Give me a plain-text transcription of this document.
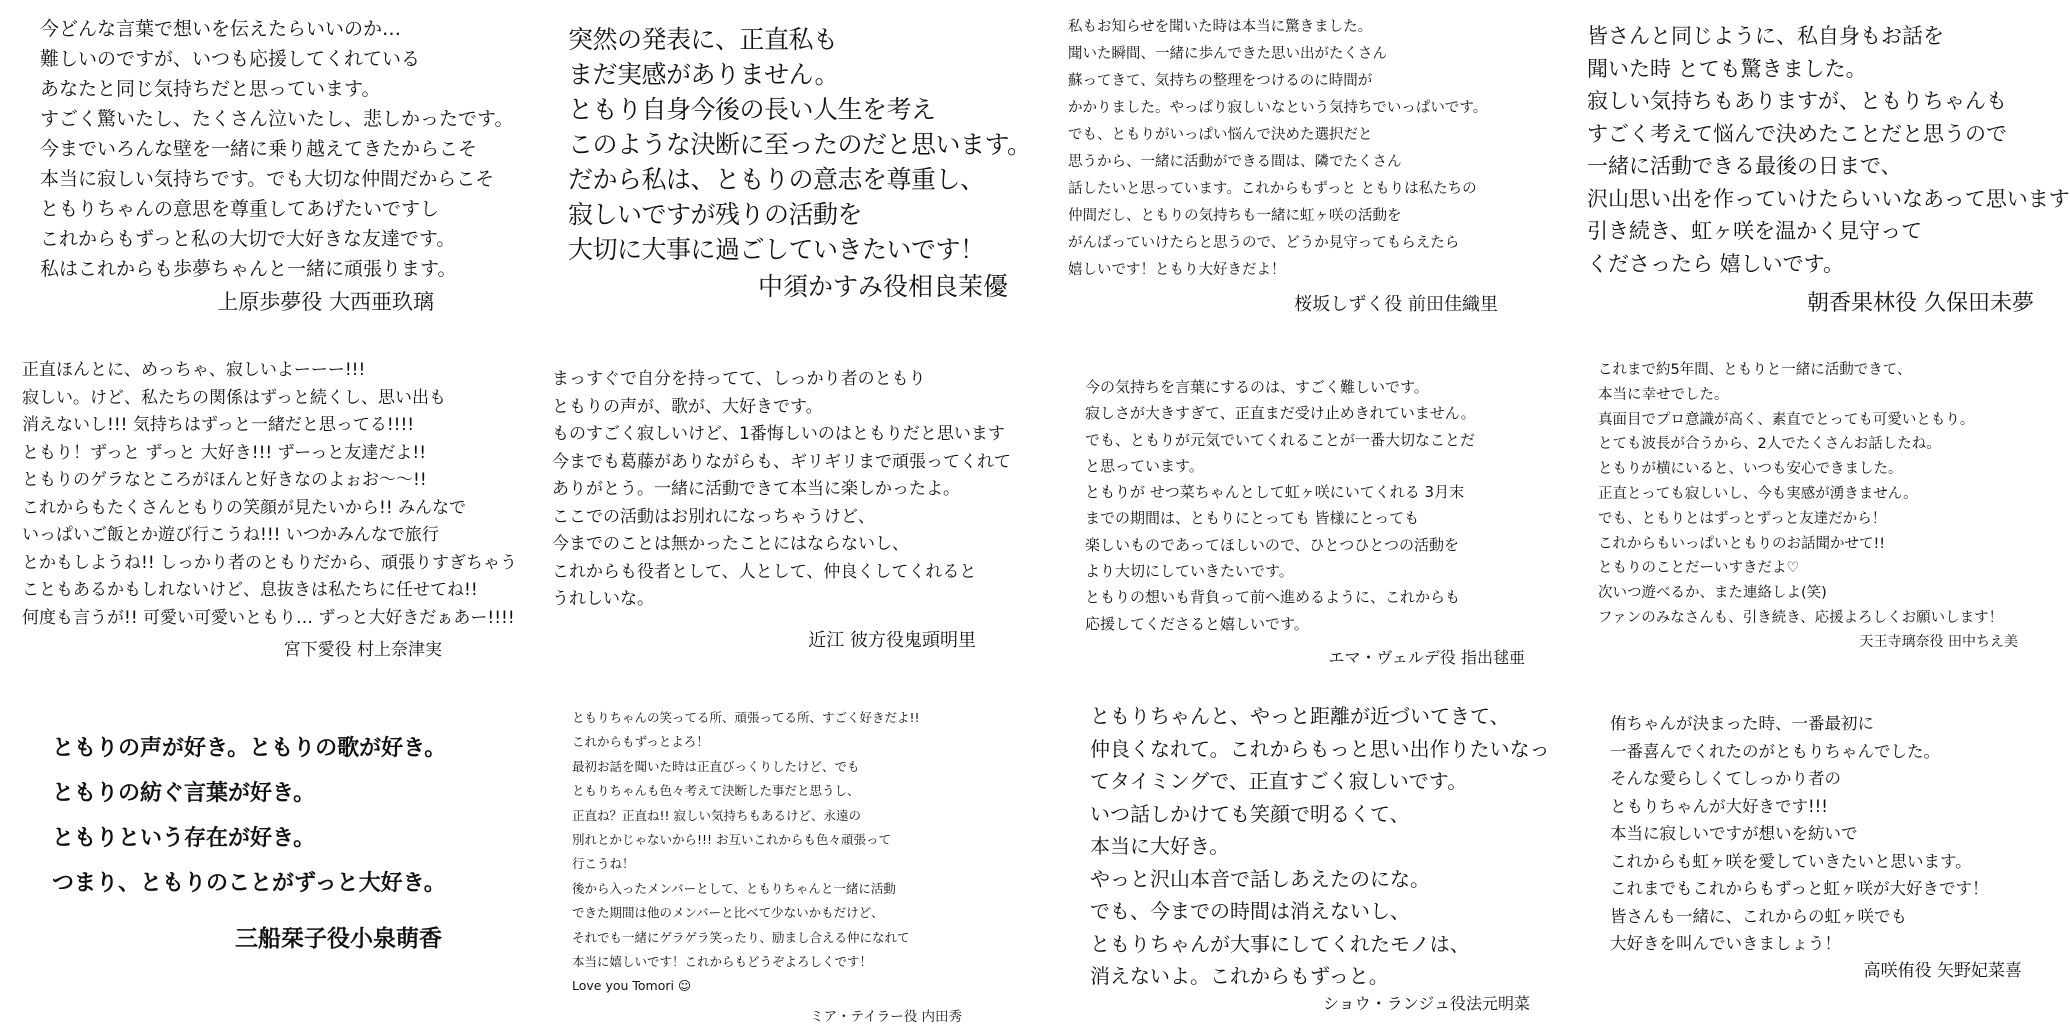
今どんな言葉で想いを伝えたらいいのか…
難しいのですが、いつも応援してくれている
あなたと同じ気持ちだと思っています。
すごく驚いたし、たくさん泣いたし、悲しかったです。
今までいろんな壁を一緒に乗り越えてきたからこそ
本当に寂しい気持ちです。でも大切な仲間だからこそ
ともりちゃんの意思を尊重してあげたいですし
これからもずっと私の大切で大好きな友達です。
私はこれからも歩夢ちゃんと一緒に頑張ります。
上原歩夢役 大西亜玖璃
突然の発表に、正直私も
まだ実感がありません。
ともり自身今後の長い人生を考え
このような決断に至ったのだと思います。
だから私は、ともりの意志を尊重し、
寂しいですが残りの活動を
大切に大事に過ごしていきたいです！
中須かすみ役相良茉優
私もお知らせを聞いた時は本当に驚きました。
聞いた瞬間、一緒に歩んできた思い出がたくさん
蘇ってきて、気持ちの整理をつけるのに時間が
かかりました。やっぱり寂しいなという気持ちでいっぱいです。
でも、ともりがいっぱい悩んで決めた選択だと
思うから、一緒に活動ができる間は、隣でたくさん
話したいと思っています。これからもずっと ともりは私たちの
仲間だし、ともりの気持ちも一緒に虹ヶ咲の活動を
がんばっていけたらと思うので、どうか見守ってもらえたら
嬉しいです！ともり大好きだよ！
桜坂しずく役 前田佳織里
皆さんと同じように、私自身もお話を
聞いた時 とても驚きました。
寂しい気持ちもありますが、ともりちゃんも
すごく考えて悩んで決めたことだと思うので
一緒に活動できる最後の日まで、
沢山思い出を作っていけたらいいなあって思います
引き続き、虹ヶ咲を温かく見守って
くださったら 嬉しいです。
朝香果林役 久保田未夢
正直ほんとに、めっちゃ、寂しいよーーー!!!
寂しい。けど、私たちの関係はずっと続くし、思い出も
消えないし!!! 気持ちはずっと一緒だと思ってる!!!!
ともり！ずっと ずっと 大好き!!! ずーっと友達だよ!!
ともりのゲラなところがほんと好きなのよぉお〜〜!!
これからもたくさんともりの笑顔が見たいから!! みんなで
いっぱいご飯とか遊び行こうね!!! いつかみんなで旅行
とかもしようね!! しっかり者のともりだから、頑張りすぎちゃう
こともあるかもしれないけど、息抜きは私たちに任せてね!!
何度も言うが!! 可愛い可愛いともり… ずっと大好きだぁあー!!!!
宮下愛役 村上奈津実
まっすぐで自分を持ってて、しっかり者のともり
ともりの声が、歌が、大好きです。
ものすごく寂しいけど、1番悔しいのはともりだと思います
今までも葛藤がありながらも、ギリギリまで頑張ってくれて
ありがとう。一緒に活動できて本当に楽しかったよ。
ここでの活動はお別れになっちゃうけど、
今までのことは無かったことにはならないし、
これからも役者として、人として、仲良くしてくれると
うれしいな。
近江 彼方役鬼頭明里
今の気持ちを言葉にするのは、すごく難しいです。
寂しさが大きすぎて、正直まだ受け止めきれていません。
でも、ともりが元気でいてくれることが一番大切なことだ
と思っています。
ともりが せつ菜ちゃんとして虹ヶ咲にいてくれる 3月末
までの期間は、ともりにとっても 皆様にとっても
楽しいものであってほしいので、ひとつひとつの活動を
より大切にしていきたいです。
ともりの想いも背負って前へ進めるように、これからも
応援してくださると嬉しいです。
エマ・ヴェルデ役 指出毬亜
これまで約5年間、ともりと一緒に活動できて、
本当に幸せでした。
真面目でプロ意識が高く、素直でとっても可愛いともり。
とても波長が合うから、2人でたくさんお話したね。
ともりが横にいると、いつも安心できました。
正直とっても寂しいし、今も実感が湧きません。
でも、ともりとはずっとずっと友達だから！
これからもいっぱいともりのお話聞かせて!!
ともりのことだーいすきだよ♡
次いつ遊べるか、また連絡しよ(笑)
ファンのみなさんも、引き続き、応援よろしくお願いします！
天王寺璃奈役 田中ちえ美
ともりの声が好き。ともりの歌が好き。
ともりの紡ぐ言葉が好き。
ともりという存在が好き。
つまり、ともりのことがずっと大好き。
三船栞子役小泉萌香
ともりちゃんの笑ってる所、頑張ってる所、すごく好きだよ!!
これからもずっとよろ！
最初お話を聞いた時は正直びっくりしたけど、でも
ともりちゃんも色々考えて決断した事だと思うし、
正直ね？正直ね!! 寂しい気持ちもあるけど、永遠の
別れとかじゃないから!!! お互いこれからも色々頑張って
行こうね！
後から入ったメンバーとして、ともりちゃんと一緒に活動
できた期間は他のメンバーと比べて少ないかもだけど、
それでも一緒にゲラゲラ笑ったり、励まし合える仲になれて
本当に嬉しいです！これからもどうぞよろしくです！
Love you Tomori ☺
ミア・テイラー役 内田秀
ともりちゃんと、やっと距離が近づいてきて、
仲良くなれて。これからもっと思い出作りたいなっ
てタイミングで、正直すごく寂しいです。
いつ話しかけても笑顔で明るくて、
本当に大好き。
やっと沢山本音で話しあえたのにな。
でも、今までの時間は消えないし、
ともりちゃんが大事にしてくれたモノは、
消えないよ。これからもずっと。
ショウ・ランジュ役法元明菜
侑ちゃんが決まった時、一番最初に
一番喜んでくれたのがともりちゃんでした。
そんな愛らしくてしっかり者の
ともりちゃんが大好きです!!!
本当に寂しいですが想いを紡いで
これからも虹ヶ咲を愛していきたいと思います。
これまでもこれからもずっと虹ヶ咲が大好きです！
皆さんも一緒に、これからの虹ヶ咲でも
大好きを叫んでいきましょう！
高咲侑役 矢野妃菜喜
